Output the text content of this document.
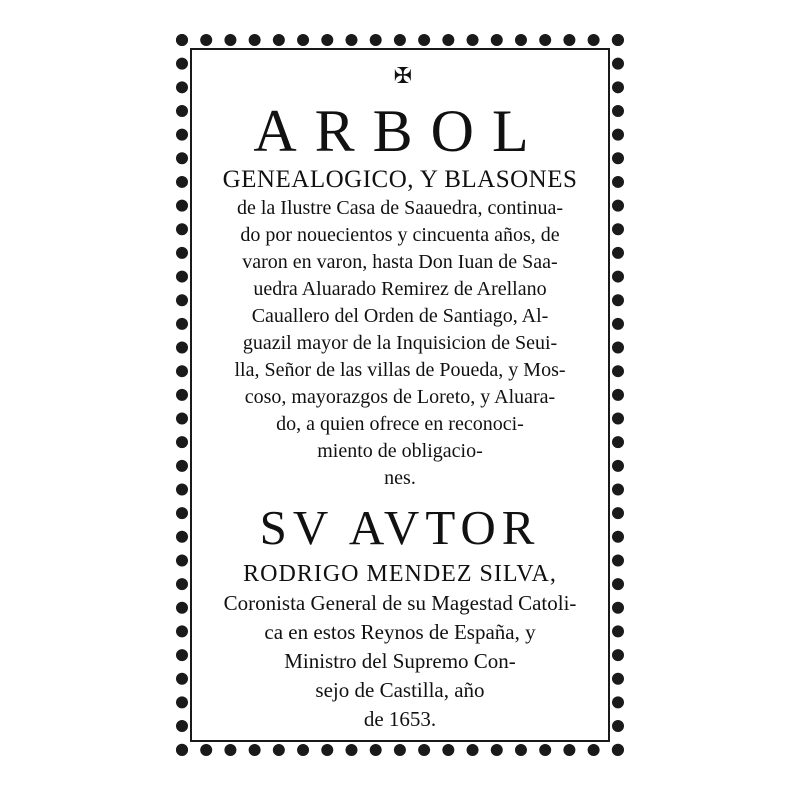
✠
ARBOL
GENEALOGICO, Y BLASONES
de la Ilustre Casa de Saauedra, continua-
do por nouecientos y cincuenta años, de
varon en varon, hasta Don Iuan de Saa-
uedra Aluarado Remirez de Arellano
Cauallero del Orden de Santiago, Al-
guazil mayor de la Inquisicion de Seui-
lla, Señor de las villas de Poueda, y Mos-
coso, mayorazgos de Loreto, y Aluara-
do, a quien ofrece en reconoci-
miento de obligacio-
nes.
SV AVTOR
RODRIGO MENDEZ SILVA,
Coronista General de su Magestad Catoli-
ca en estos Reynos de España, y
Ministro del Supremo Con-
sejo de Castilla, año
de 1653.
